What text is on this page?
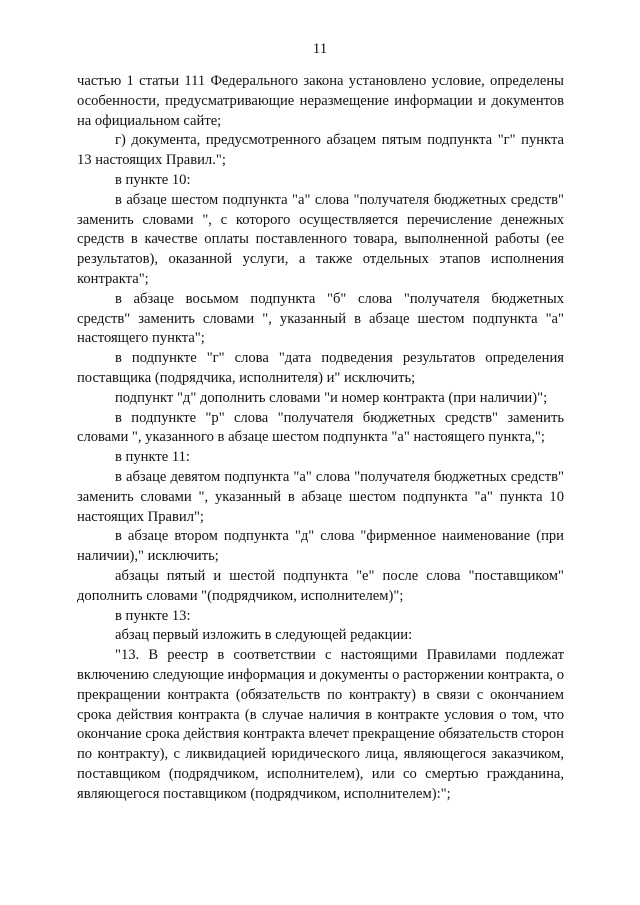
11

частью 1 статьи 111 Федерального закона установлено условие, определены особенности, предусматривающие неразмещение информации и документов на официальном сайте;

г) документа, предусмотренного абзацем пятым подпункта "г" пункта 13 настоящих Правил.";

в пункте 10:

в абзаце шестом подпункта "а" слова "получателя бюджетных средств" заменить словами ", с которого осуществляется перечисление денежных средств в качестве оплаты поставленного товара, выполненной работы (ее результатов), оказанной услуги, а также отдельных этапов исполнения контракта";

в абзаце восьмом подпункта "б" слова "получателя бюджетных средств" заменить словами ", указанный в абзаце шестом подпункта "а" настоящего пункта";

в подпункте "г" слова "дата подведения результатов определения поставщика (подрядчика, исполнителя) и" исключить;

подпункт "д" дополнить словами "и номер контракта (при наличии)";

в подпункте "р" слова "получателя бюджетных средств" заменить словами ", указанного в абзаце шестом подпункта "а" настоящего пункта,";

в пункте 11:

в абзаце девятом подпункта "а" слова "получателя бюджетных средств" заменить словами ", указанный в абзаце шестом подпункта "а" пункта 10 настоящих Правил";

в абзаце втором подпункта "д" слова "фирменное наименование (при наличии)," исключить;

абзацы пятый и шестой подпункта "е" после слова "поставщиком" дополнить словами "(подрядчиком, исполнителем)";

в пункте 13:

абзац первый изложить в следующей редакции:

"13. В реестр в соответствии с настоящими Правилами подлежат включению следующие информация и документы о расторжении контракта, о прекращении контракта (обязательств по контракту) в связи с окончанием срока действия контракта (в случае наличия в контракте условия о том, что окончание срока действия контракта влечет прекращение обязательств сторон по контракту), с ликвидацией юридического лица, являющегося заказчиком, поставщиком (подрядчиком, исполнителем), или со смертью гражданина, являющегося поставщиком (подрядчиком, исполнителем):";
